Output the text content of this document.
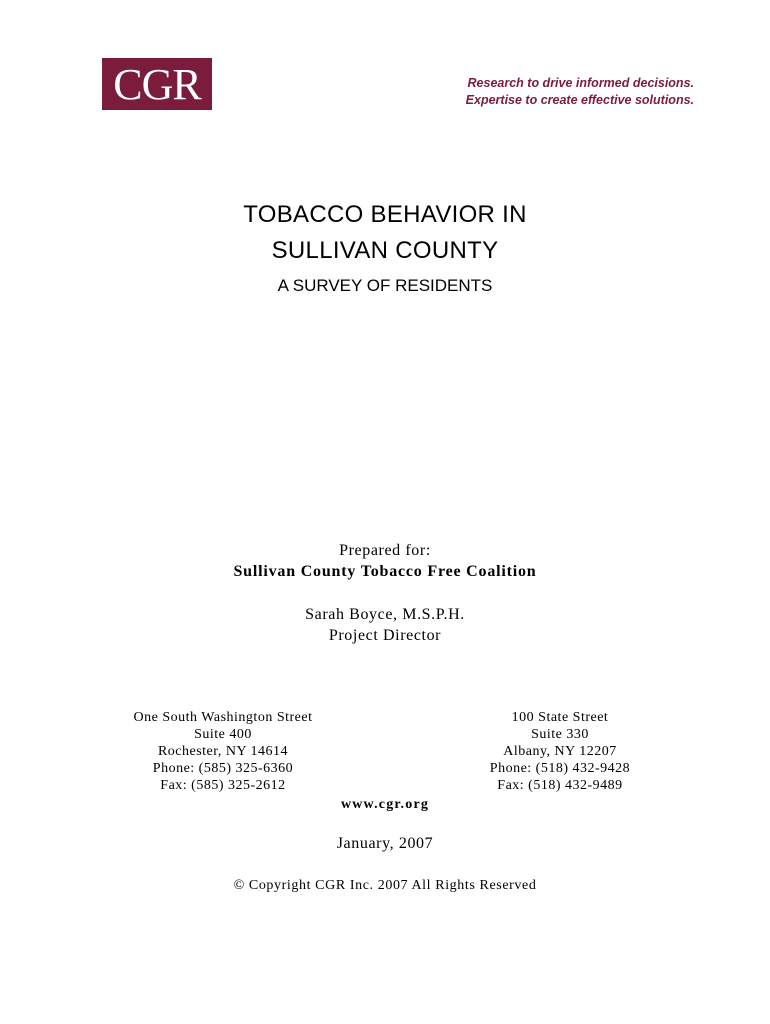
CGR	Research to drive informed decisions.
Expertise to create effective solutions.
TOBACCO BEHAVIOR IN
SULLIVAN COUNTY
A SURVEY OF RESIDENTS
Prepared for:
Sullivan County Tobacco Free Coalition
Sarah Boyce, M.S.P.H.
Project Director
One South Washington Street
Suite 400
Rochester, NY 14614
Phone: (585) 325-6360
Fax: (585) 325-2612
100 State Street
Suite 330
Albany, NY 12207
Phone: (518) 432-9428
Fax: (518) 432-9489
www.cgr.org
January, 2007
© Copyright CGR Inc. 2007 All Rights Reserved
